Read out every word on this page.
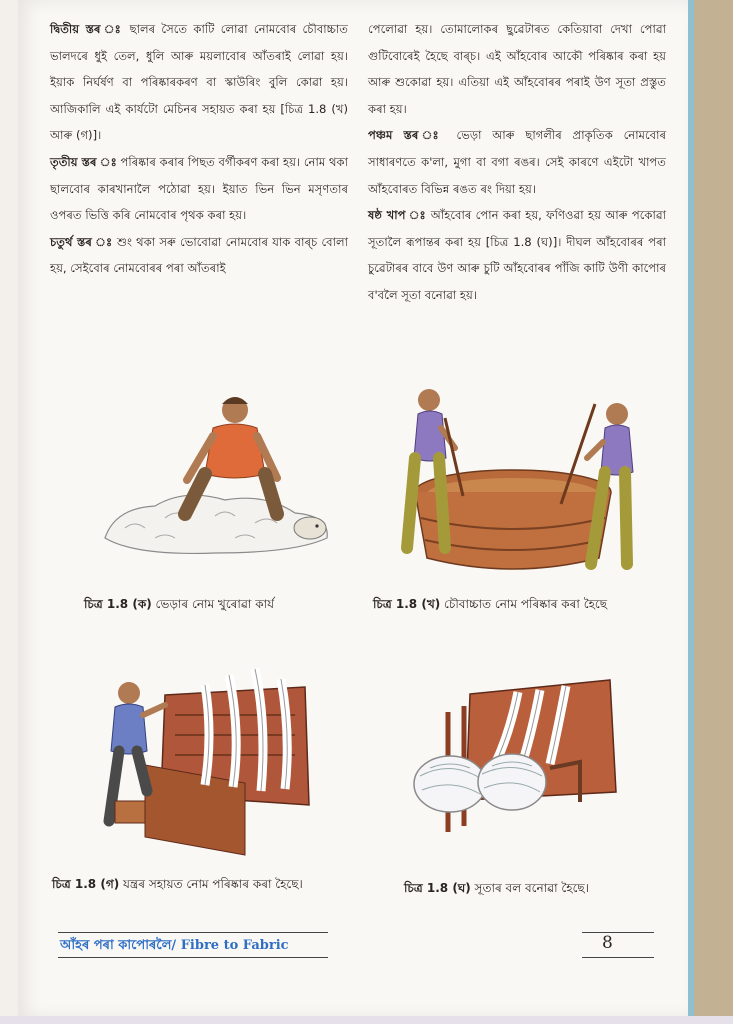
দ্বিতীয় স্তৰ ঃ ছালৰ সৈতে কাটি লোৱা নোমবোৰ চৌবাচ্চাত ভালদৰে ধুই তেল, ধুলি আৰু ময়লাবোৰ আঁতৰাই লোৱা হয়। ইয়াক নিৰ্ঘৰ্ষণ বা পৰিষ্কাৰকৰণ বা স্কাউৰিং বুলি কোৱা হয়। আজিকালি এই কাৰ্যটো মেচিনৰ সহায়ত কৰা হয় [চিত্ৰ 1.8 (খ) আৰু (গ)]।

তৃতীয় স্তৰ ঃ পৰিষ্কাৰ কৰাৰ পিছত বৰ্গীকৰণ কৰা হয়। নোম থকা ছালবোৰ কাৰখানালৈ পঠোৱা হয়। ইয়াত ভিন ভিন মসৃণতাৰ ওপৰত ভিত্তি কৰি নোমবোৰ পৃথক কৰা হয়।

চতুৰ্থ স্তৰ ঃ শুং থকা সৰু ভোবোৱা নোমবোৰ যাক বাৰ্‌চ বোলা হয়, সেইবোৰ নোমবোৰৰ পৰা আঁতৰাই

পেলোৱা হয়। তোমালোকৰ ছুৱেটাৰত কেতিয়াবা দেখা পোৱা গুটিবোৰেই হৈছে বাৰ্‌চ। এই আঁহবোৰ আকৌ পৰিষ্কাৰ কৰা হয় আৰু শুকোৱা হয়। এতিয়া এই আঁহবোৰৰ পৰাই উণ সূতা প্ৰস্তুত কৰা হয়।

পঞ্চম স্তৰ ঃ ভেড়া আৰু ছাগলীৰ প্ৰাকৃতিক নোমবোৰ সাধাৰণতে ক'লা, মুগা বা বগা ৰঙৰ। সেই কাৰণে এইটো খাপত আঁহবোৰত বিভিন্ন ৰঙত ৰং দিয়া হয়।

ষষ্ঠ খাপ ঃ আঁহবোৰ পোন কৰা হয়, ফণিওৱা হয় আৰু পকোৱা সূতালৈ ৰূপান্তৰ কৰা হয় [চিত্ৰ 1.8 (ঘ)]। দীঘল আঁহবোৰৰ পৰা চুৱেটাৰৰ বাবে উণ আৰু চুটি আঁহবোৰৰ পাঁজি কাটি উণী কাপোৰ ব'বলৈ সূতা বনোৱা হয়।

চিত্ৰ 1.8 (ক) ভেড়াৰ নোম খুৰোৱা কাৰ্য	চিত্ৰ 1.8 (খ) চৌবাচ্চাত নোম পৰিষ্কাৰ কৰা হৈছে
চিত্ৰ 1.8 (গ) যন্ত্ৰৰ সহায়ত নোম পৰিষ্কাৰ কৰা হৈছে।	চিত্ৰ 1.8 (ঘ) সূতাৰ বল বনোৱা হৈছে।
আঁহৰ পৰা কাপোৰলৈ/ Fibre to Fabric	8
